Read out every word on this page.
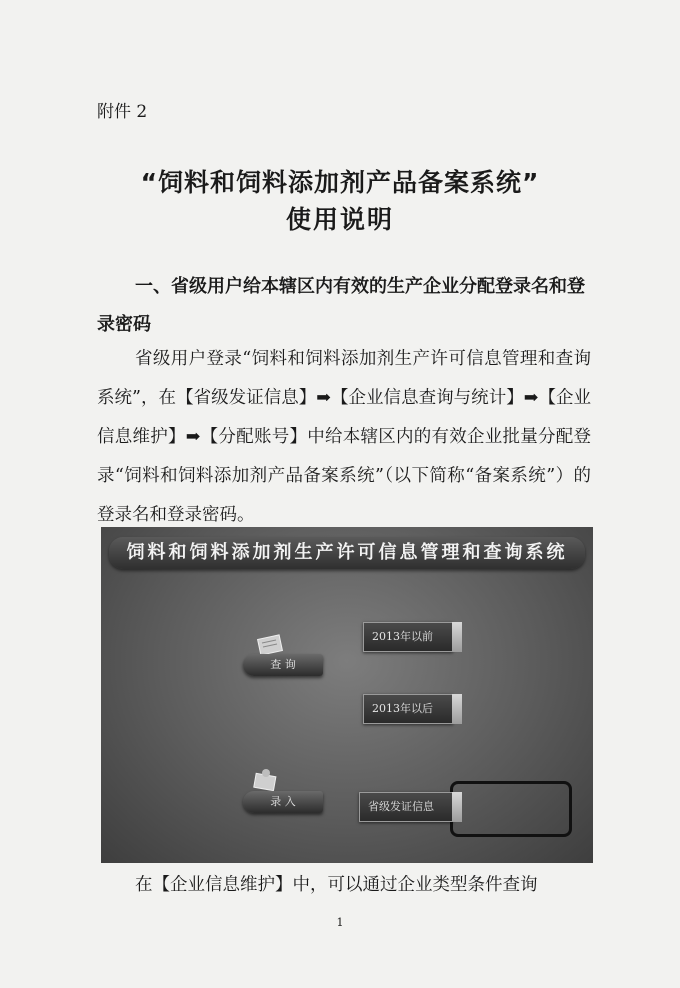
附件 2
“饲料和饲料添加剂产品备案系统”
使用说明
一、省级用户给本辖区内有效的生产企业分配登录名和登录密码
省级用户登录“饲料和饲料添加剂生产许可信息管理和查询系统”，在【省级发证信息】➡【企业信息查询与统计】➡【企业信息维护】➡【分配账号】中给本辖区内的有效企业批量分配登录“饲料和饲料添加剂产品备案系统”（以下简称“备案系统”）的登录名和登录密码。
饲料和饲料添加剂生产许可信息管理和查询系统
查 询
2013年以前
2013年以后
录 入	省级发证信息
在【企业信息维护】中，可以通过企业类型条件查询
1
